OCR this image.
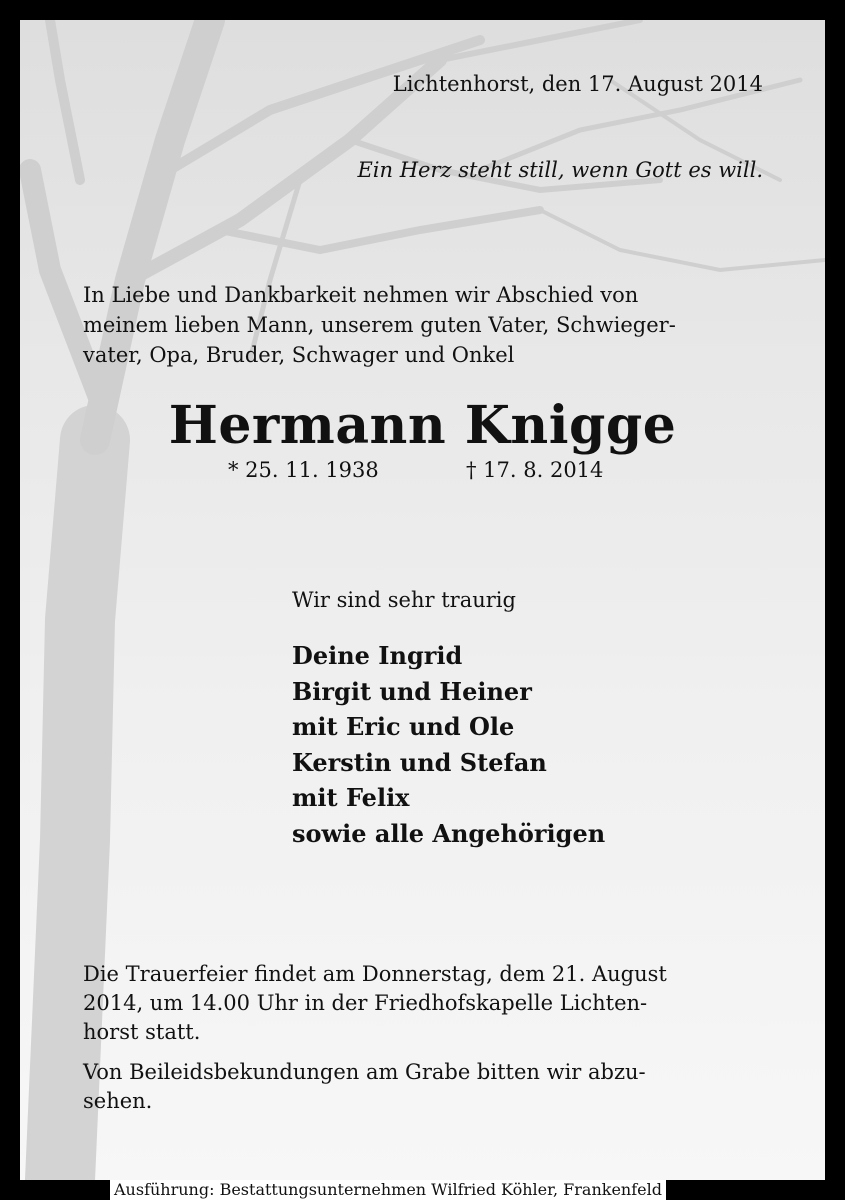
Lichtenhorst, den 17. August 2014

Ein Herz steht still, wenn Gott es will.

In Liebe und Dankbarkeit nehmen wir Abschied von
meinem lieben Mann, unserem guten Vater, Schwieger-
vater, Opa, Bruder, Schwager und Onkel
Hermann Knigge
* 25. 11. 1938	† 17. 8. 2014

Wir sind sehr traurig

Deine Ingrid
Birgit und Heiner
mit Eric und Ole
Kerstin und Stefan
mit Felix
sowie alle Angehörigen
Die Trauerfeier findet am Donnerstag, dem 21. August
2014, um 14.00 Uhr in der Friedhofskapelle Lichten-
horst statt.
Von Beileidsbekundungen am Grabe bitten wir abzu-
sehen.
Ausführung: Bestattungsunternehmen Wilfried Köhler, Frankenfeld
